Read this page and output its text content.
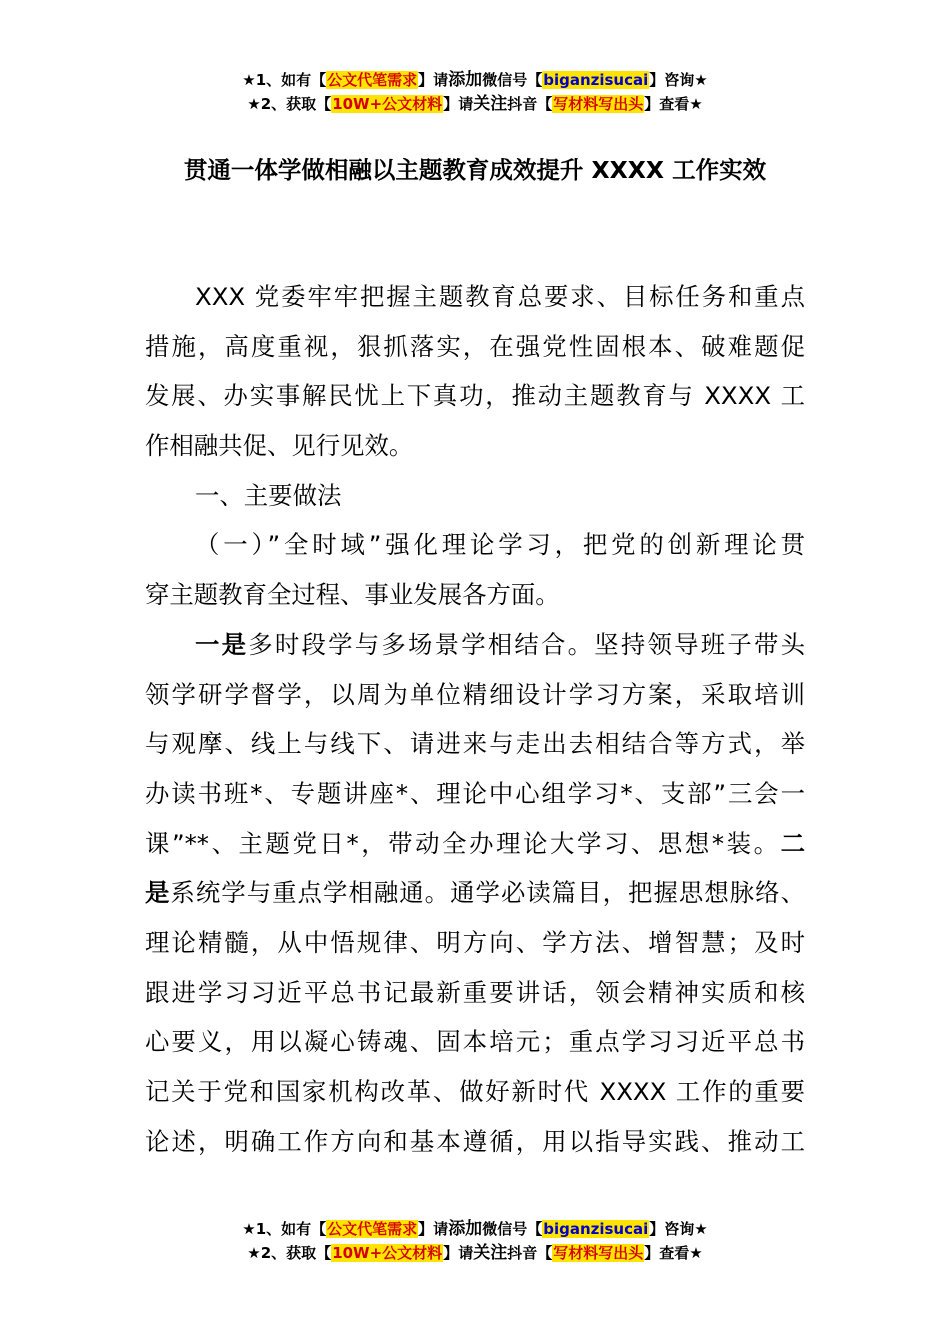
★1、如有【公文代笔需求】请添加微信号【biganzisucai】咨询★
★2、获取【10W+公文材料】请关注抖音【写材料写出头】查看★
贯通一体学做相融以主题教育成效提升 XXXX 工作实效
XXX 党委牢牢把握主题教育总要求、目标任务和重点
措施，高度重视，狠抓落实，在强党性固根本、破难题促
发展、办实事解民忧上下真功，推动主题教育与 XXXX 工
作相融共促、见行见效。
一、主要做法
（一）”全时域”强化理论学习，把党的创新理论贯
穿主题教育全过程、事业发展各方面。
一是多时段学与多场景学相结合。坚持领导班子带头
领学研学督学，以周为单位精细设计学习方案，采取培训
与观摩、线上与线下、请进来与走出去相结合等方式，举
办读书班*、专题讲座*、理论中心组学习*、支部”三会一
课”**、主题党日*，带动全办理论大学习、思想*装。二
是系统学与重点学相融通。通学必读篇目，把握思想脉络、
理论精髓，从中悟规律、明方向、学方法、增智慧；及时
跟进学习习近平总书记最新重要讲话，领会精神实质和核
心要义，用以凝心铸魂、固本培元；重点学习习近平总书
记关于党和国家机构改革、做好新时代 XXXX 工作的重要
论述，明确工作方向和基本遵循，用以指导实践、推动工
★1、如有【公文代笔需求】请添加微信号【biganzisucai】咨询★
★2、获取【10W+公文材料】请关注抖音【写材料写出头】查看★
